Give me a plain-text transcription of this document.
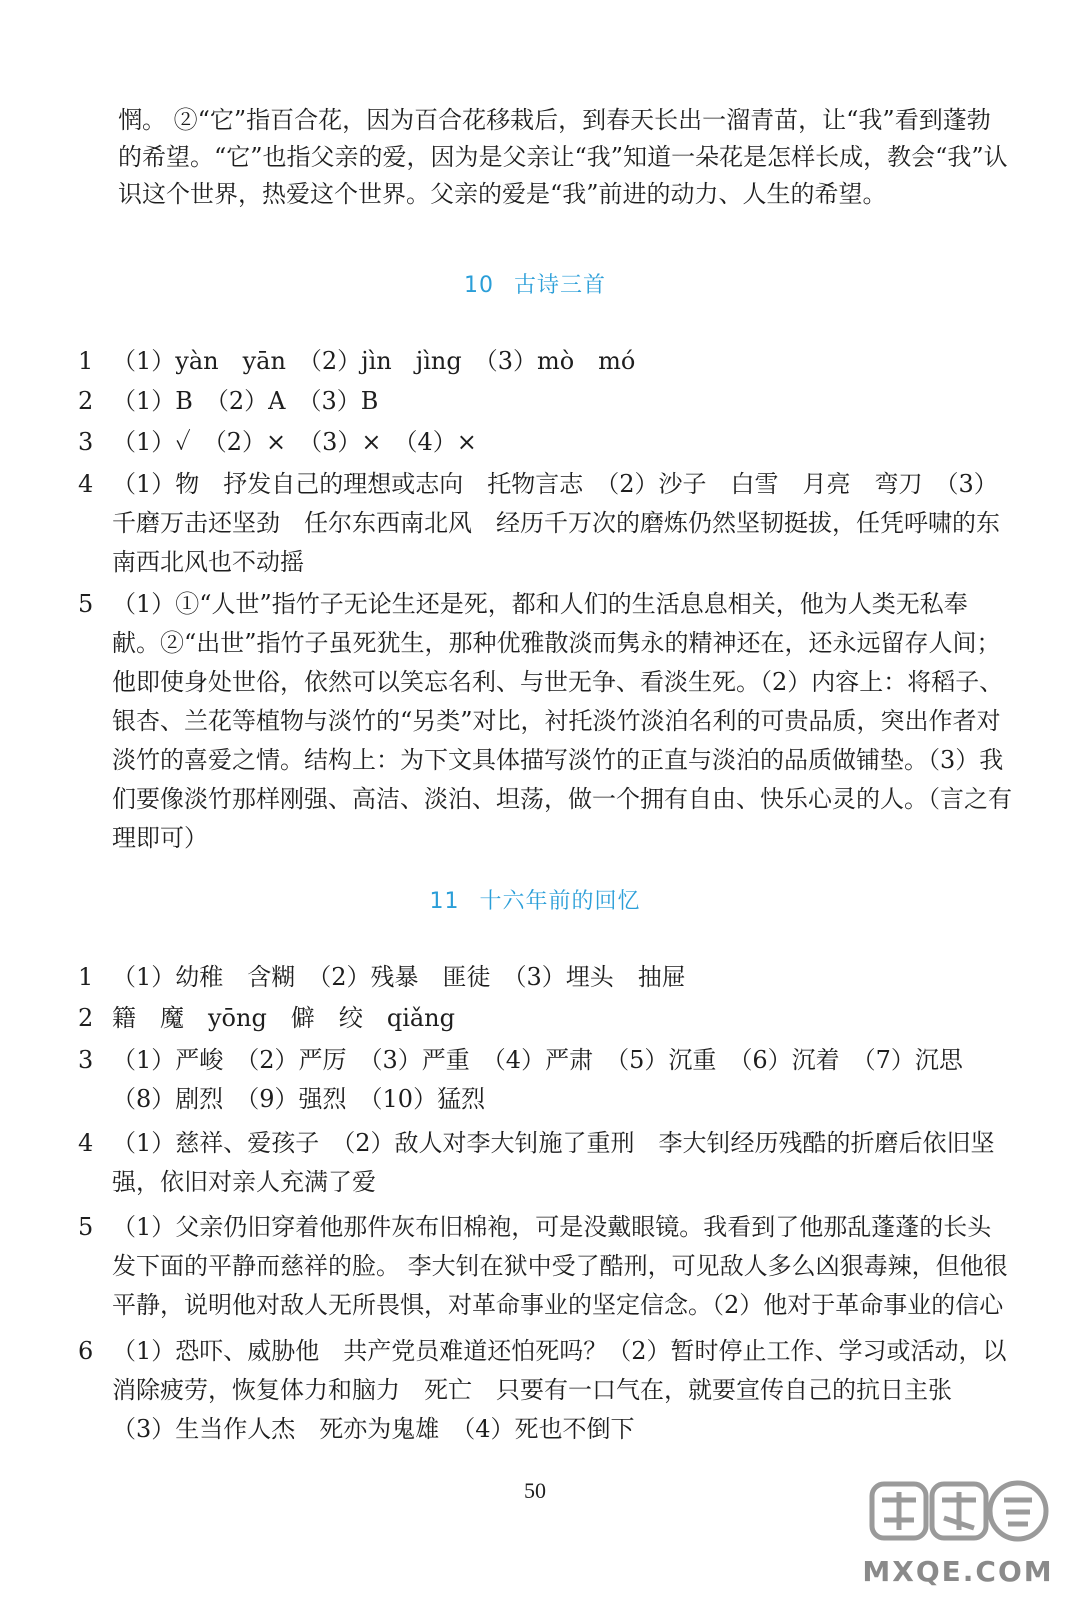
惘。 ②“它”指百合花，因为百合花移栽后，到春天长出一溜青苗，让“我”看到蓬勃的希望。“它”也指父亲的爱，因为是父亲让“我”知道一朵花是怎样长成，教会“我”认识这个世界，热爱这个世界。父亲的爱是“我”前进的动力、人生的希望。

10 古诗三首
1 （1）yàn　yān　（2）jìn　jìng　（3）mò　mó
2 （1）B　（2）A　（3）B
3 （1）✓　（2）×　（3）×　（4）×
4 （1）物　抒发自己的理想或志向　托物言志　（2）沙子　白雪　月亮　弯刀　（3）千磨万击还坚劲　任尔东西南北风　经历千万次的磨炼仍然坚韧挺拔，任凭呼啸的东南西北风也不动摇
5 （1）①“人世”指竹子无论生还是死，都和人们的生活息息相关，他为人类无私奉献。②“出世”指竹子虽死犹生，那种优雅散淡而隽永的精神还在，还永远留存人间；他即使身处世俗，依然可以笑忘名利、与世无争、看淡生死。（2）内容上：将稻子、银杏、兰花等植物与淡竹的“另类”对比，衬托淡竹淡泊名利的可贵品质，突出作者对淡竹的喜爱之情。结构上：为下文具体描写淡竹的正直与淡泊的品质做铺垫。（3）我们要像淡竹那样刚强、高洁、淡泊、坦荡，做一个拥有自由、快乐心灵的人。（言之有理即可）
11 十六年前的回忆
1 （1）幼稚　含糊　（2）残暴　匪徒　（3）埋头　抽屉
2 籍　魔　yōng　僻　绞　qiǎng
3 （1）严峻　（2）严厉　（3）严重　（4）严肃　（5）沉重　（6）沉着　（7）沉思　（8）剧烈　（9）强烈　（10）猛烈
4 （1）慈祥、爱孩子　（2）敌人对李大钊施了重刑　李大钊经历残酷的折磨后依旧坚强，依旧对亲人充满了爱
5 （1）父亲仍旧穿着他那件灰布旧棉袍，可是没戴眼镜。我看到了他那乱蓬蓬的长头发下面的平静而慈祥的脸。 李大钊在狱中受了酷刑，可见敌人多么凶狠毒辣，但他很平静，说明他对敌人无所畏惧，对革命事业的坚定信念。（2）他对于革命事业的信心
6 （1）恐吓、威胁他　共产党员难道还怕死吗？（2）暂时停止工作、学习或活动，以消除疲劳，恢复体力和脑力　死亡　只要有一口气在，就要宣传自己的抗日主张　（3）生当作人杰　死亦为鬼雄　（4）死也不倒下
50
MXQE.COM
